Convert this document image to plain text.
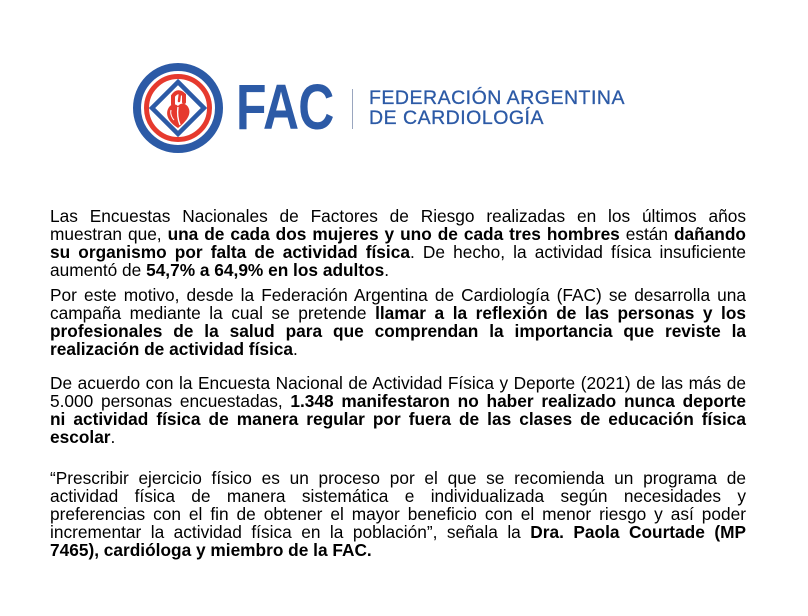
FAC FEDERACIÓN ARGENTINA
DE CARDIOLOGÍA
Las Encuestas Nacionales de Factores de Riesgo realizadas en los últimos años
muestran que, una de cada dos mujeres y uno de cada tres hombres están dañando
su organismo por falta de actividad física. De hecho, la actividad física insuficiente
aumentó de 54,7% a 64,9% en los adultos.
Por este motivo, desde la Federación Argentina de Cardiología (FAC) se desarrolla una
campaña mediante la cual se pretende llamar a la reflexión de las personas y los
profesionales de la salud para que comprendan la importancia que reviste la
realización de actividad física.
De acuerdo con la Encuesta Nacional de Actividad Física y Deporte (2021) de las más de
5.000 personas encuestadas, 1.348 manifestaron no haber realizado nunca deporte
ni actividad física de manera regular por fuera de las clases de educación física
escolar.
“Prescribir ejercicio físico es un proceso por el que se recomienda un programa de
actividad física de manera sistemática e individualizada según necesidades y
preferencias con el fin de obtener el mayor beneficio con el menor riesgo y así poder
incrementar la actividad física en la población”, señala la Dra. Paola Courtade (MP
7465), cardióloga y miembro de la FAC.
